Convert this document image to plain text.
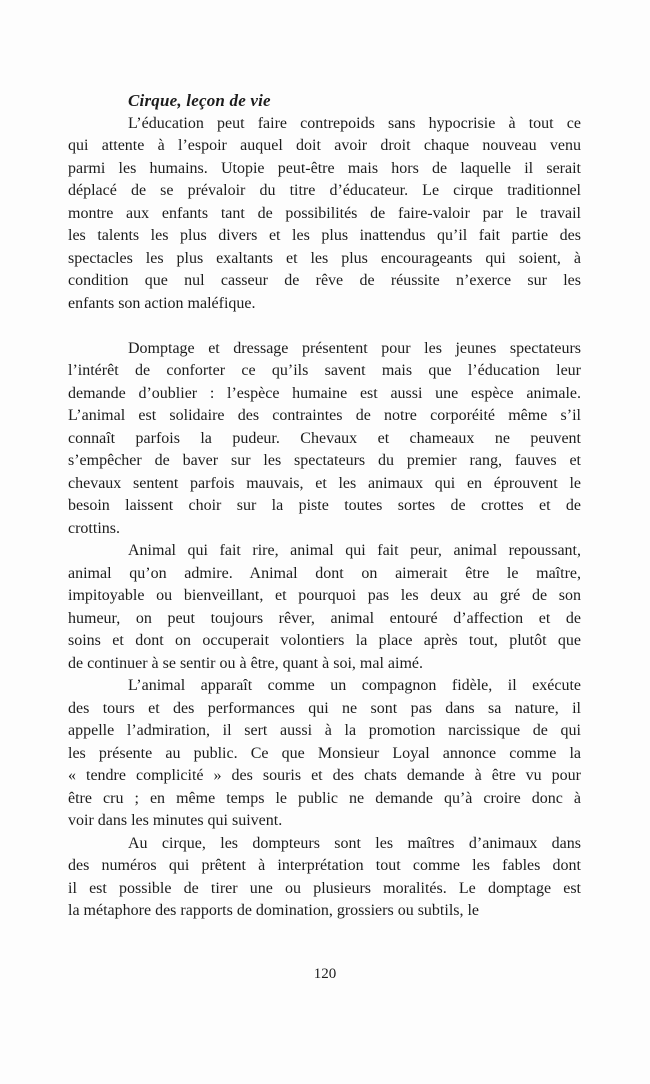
Cirque, leçon de vie
L’éducation peut faire contrepoids sans hypocrisie à tout ce
qui attente à l’espoir auquel doit avoir droit chaque nouveau venu
parmi les humains. Utopie peut-être mais hors de laquelle il serait
déplacé de se prévaloir du titre d’éducateur. Le cirque traditionnel
montre aux enfants tant de possibilités de faire-valoir par le travail
les talents les plus divers et les plus inattendus qu’il fait partie des
spectacles les plus exaltants et les plus encourageants qui soient, à
condition que nul casseur de rêve de réussite n’exerce sur les
enfants son action maléfique.
Domptage et dressage présentent pour les jeunes spectateurs
l’intérêt de conforter ce qu’ils savent mais que l’éducation leur
demande d’oublier : l’espèce humaine est aussi une espèce animale.
L’animal est solidaire des contraintes de notre corporéité même s’il
connaît parfois la pudeur. Chevaux et chameaux ne peuvent
s’empêcher de baver sur les spectateurs du premier rang, fauves et
chevaux sentent parfois mauvais, et les animaux qui en éprouvent le
besoin laissent choir sur la piste toutes sortes de crottes et de
crottins.
Animal qui fait rire, animal qui fait peur, animal repoussant,
animal qu’on admire. Animal dont on aimerait être le maître,
impitoyable ou bienveillant, et pourquoi pas les deux au gré de son
humeur, on peut toujours rêver, animal entouré d’affection et de
soins et dont on occuperait volontiers la place après tout, plutôt que
de continuer à se sentir ou à être, quant à soi, mal aimé.
L’animal apparaît comme un compagnon fidèle, il exécute
des tours et des performances qui ne sont pas dans sa nature, il
appelle l’admiration, il sert aussi à la promotion narcissique de qui
les présente au public. Ce que Monsieur Loyal annonce comme la
« tendre complicité » des souris et des chats demande à être vu pour
être cru ; en même temps le public ne demande qu’à croire donc à
voir dans les minutes qui suivent.
Au cirque, les dompteurs sont les maîtres d’animaux dans
des numéros qui prêtent à interprétation tout comme les fables dont
il est possible de tirer une ou plusieurs moralités. Le domptage est
la métaphore des rapports de domination, grossiers ou subtils, le
120
